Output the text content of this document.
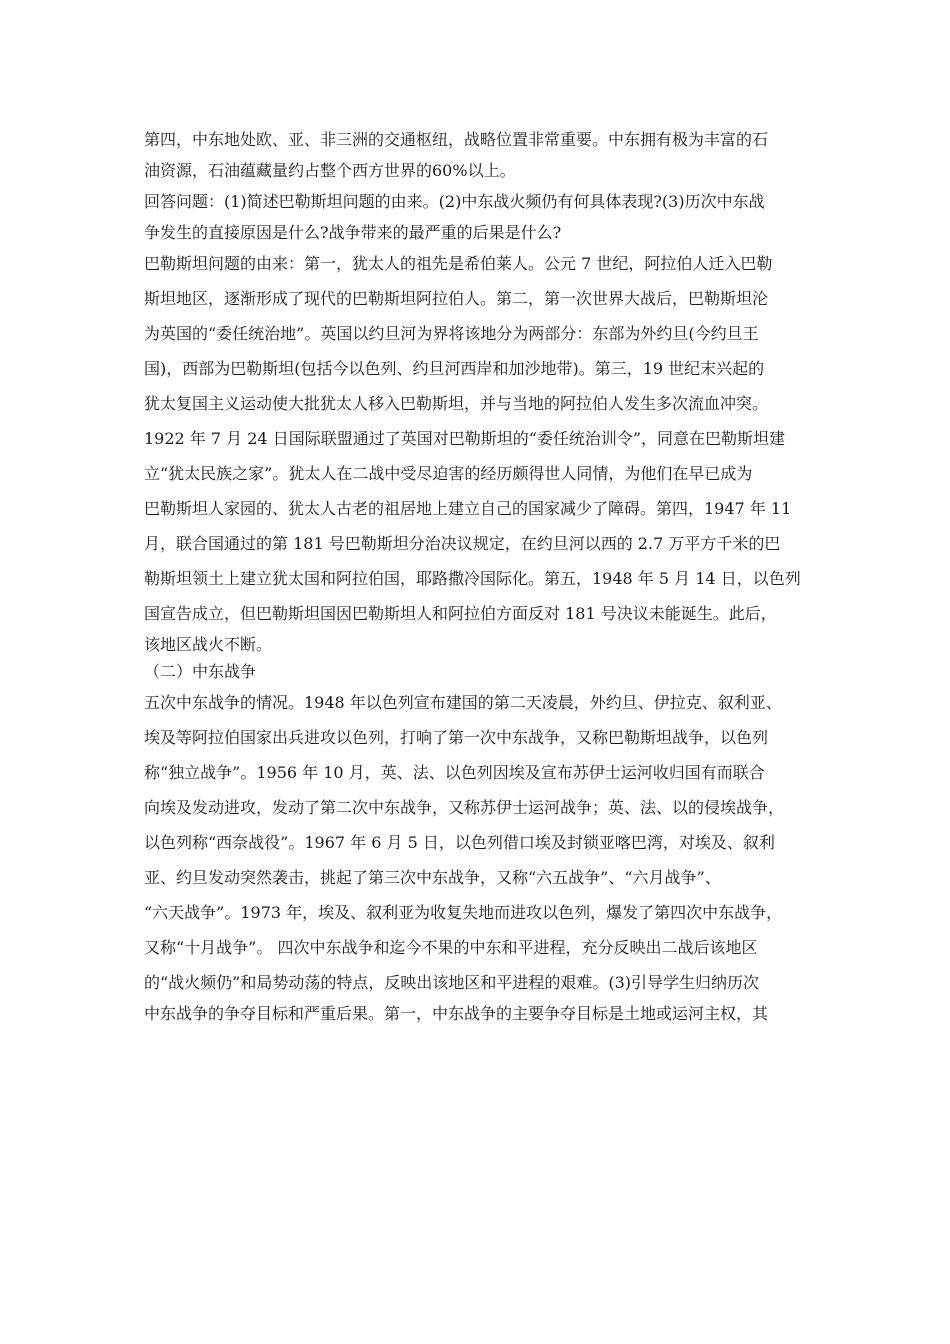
第四，中东地处欧、亚、非三洲的交通枢纽，战略位置非常重要。中东拥有极为丰富的石
油资源，石油蕴藏量约占整个西方世界的60%以上。
回答问题：(1)简述巴勒斯坦问题的由来。(2)中东战火频仍有何具体表现?(3)历次中东战
争发生的直接原因是什么?战争带来的最严重的后果是什么?
巴勒斯坦问题的由来：第一，犹太人的祖先是希伯莱人。公元 7 世纪，阿拉伯人迁入巴勒
斯坦地区，逐渐形成了现代的巴勒斯坦阿拉伯人。第二，第一次世界大战后，巴勒斯坦沦
为英国的“委任统治地”。英国以约旦河为界将该地分为两部分：东部为外约旦(今约旦王
国)，西部为巴勒斯坦(包括今以色列、约旦河西岸和加沙地带)。第三，19 世纪末兴起的
犹太复国主义运动使大批犹太人移入巴勒斯坦，并与当地的阿拉伯人发生多次流血冲突。
1922 年 7 月 24 日国际联盟通过了英国对巴勒斯坦的“委任统治训令”，同意在巴勒斯坦建
立“犹太民族之家”。犹太人在二战中受尽迫害的经历颇得世人同情，为他们在早已成为
巴勒斯坦人家园的、犹太人古老的祖居地上建立自己的国家减少了障碍。第四，1947 年 11
月，联合国通过的第 181 号巴勒斯坦分治决议规定，在约旦河以西的 2.7 万平方千米的巴
勒斯坦领土上建立犹太国和阿拉伯国，耶路撒冷国际化。第五，1948 年 5 月 14 日，以色列
国宣告成立，但巴勒斯坦国因巴勒斯坦人和阿拉伯方面反对 181 号决议未能诞生。此后，
该地区战火不断。
（二）中东战争
五次中东战争的情况。1948 年以色列宣布建国的第二天凌晨，外约旦、伊拉克、叙利亚、
埃及等阿拉伯国家出兵进攻以色列，打响了第一次中东战争，又称巴勒斯坦战争，以色列
称“独立战争”。1956 年 10 月，英、法、以色列因埃及宣布苏伊士运河收归国有而联合
向埃及发动进攻，发动了第二次中东战争，又称苏伊士运河战争；英、法、以的侵埃战争，
以色列称“西奈战役”。1967 年 6 月 5 日，以色列借口埃及封锁亚喀巴湾，对埃及、叙利
亚、约旦发动突然袭击，挑起了第三次中东战争，又称“六五战争”、“六月战争”、
“六天战争”。1973 年，埃及、叙利亚为收复失地而进攻以色列，爆发了第四次中东战争，
又称“十月战争”。 四次中东战争和迄今不果的中东和平进程，充分反映出二战后该地区
的“战火频仍”和局势动荡的特点，反映出该地区和平进程的艰难。(3)引导学生归纳历次
中东战争的争夺目标和严重后果。第一，中东战争的主要争夺目标是土地或运河主权，其
